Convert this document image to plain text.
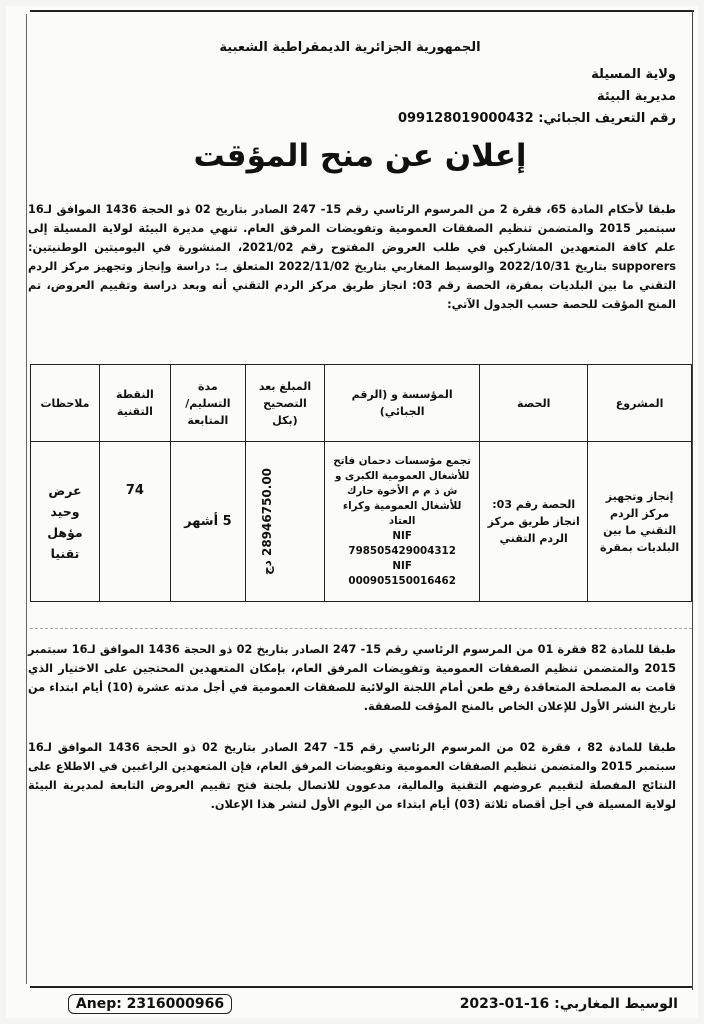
الجمهورية الجزائرية الديمقراطية الشعبية
ولاية المسيلة
مديرية البيئة
رقم التعريف الجبائي: 099128019000432
إعلان عن منح المؤقت
طبقا لأحكام المادة 65، فقرة 2 من المرسوم الرئاسي رقم 15- 247 الصادر بتاريخ 02 ذو الحجة 1436 الموافق لـ16 سبتمبر 2015 والمتضمن تنظيم الصفقات العمومية وتفويضات المرفق العام. تنهي مديرة البيئة لولاية المسيلة إلى علم كافة المتعهدين المشاركين في طلب العروض المفتوح رقم 2021/02، المنشورة في اليوميتين الوطنيتين: supporers بتاريخ 2022/10/31 والوسيط المغاربي بتاريخ 2022/11/02 المتعلق بـ: دراسة وإنجاز وتجهيز مركز الردم التقني ما بين البلديات بمقرة، الحصة رقم 03: انجاز طريق مركز الردم التقني أنه وبعد دراسة وتقييم العروض، تم المنح المؤقت للحصة حسب الجدول الآتي:
المشروع	الحصة	المؤسسة و (الرقم الجبائي)	المبلغ بعد التصحيح (بكل	مدة التسليم/ المتابعة	النقطة التقنية	ملاحظات
إنجاز وتجهيز مركز الردم التقني ما بين البلديات بمقرة	الحصة رقم 03: انجاز طريق مركز الردم التقني	تجمع مؤسسات دحمان فاتح للأشغال العمومية الكبرى و ش ذ م م الأخوة حارك للأشغال العمومية وكراء العتاد
NIF
798505429004312
NIF
000905150016462	28946750.00 دج	5 أشهر	74	عرض وحيد مؤهل تقنيا
طبقا للمادة 82 فقرة 01 من المرسوم الرئاسي رقم 15- 247 الصادر بتاريخ 02 ذو الحجة 1436 الموافق لـ16 سبتمبر 2015 والمتضمن تنظيم الصفقات العمومية وتفويضات المرفق العام، بإمكان المتعهدين المحتجين على الاختيار الذي قامت به المصلحة المتعاقدة رفع طعن أمام اللجنة الولائية للصفقات العمومية في أجل مدته عشرة (10) أيام ابتداء من تاريخ النشر الأول للإعلان الخاص بالمنح المؤقت للصفقة.
طبقا للمادة 82 ، فقرة 02 من المرسوم الرئاسي رقم 15- 247 الصادر بتاريخ 02 ذو الحجة 1436 الموافق لـ16 سبتمبر 2015 والمتضمن تنظيم الصفقات العمومية وتفويضات المرفق العام، فإن المتعهدين الراغبين في الاطلاع على النتائج المفصلة لتقييم عروضهم التقنية والمالية، مدعوون للاتصال بلجنة فتح تقييم العروض التابعة لمديرية البيئة لولاية المسيلة في أجل أقصاه ثلاثة (03) أيام ابتداء من اليوم الأول لنشر هذا الإعلان.
Anep: 2316000966	الوسيط المغاربي: 2023-01-16
